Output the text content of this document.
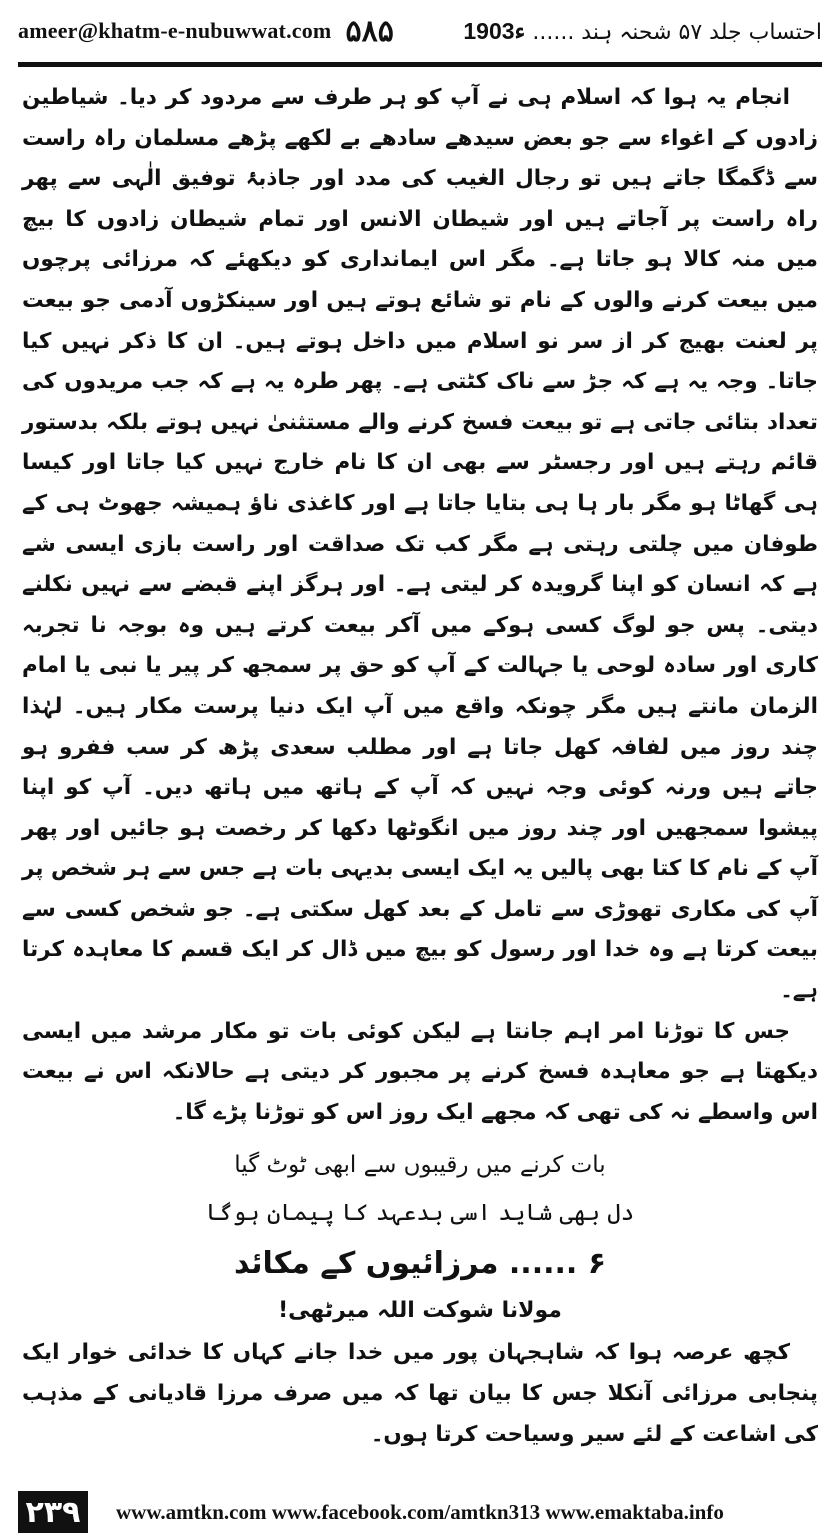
ameer@khatm-e-nubuwwat.com ۵۸۵	احتساب جلد ۵۷ شحنہ ہند ...... 1903ء

انجام یہ ہوا کہ اسلام ہی نے آپ کو ہر طرف سے مردود کر دیا۔ شیاطین زادوں کے اغواء سے جو بعض سیدھے سادھے بے لکھے پڑھے مسلمان راہ راست سے ڈگمگا جاتے ہیں تو رجال الغیب کی مدد اور جاذبۂ توفیق الٰہی سے پھر راہ راست پر آجاتے ہیں اور شیطان الانس اور تمام شیطان زادوں کا بیچ میں منہ کالا ہو جاتا ہے۔ مگر اس ایمانداری کو دیکھئے کہ مرزائی پرچوں میں بیعت کرنے والوں کے نام تو شائع ہوتے ہیں اور سینکڑوں آدمی جو بیعت پر لعنت بھیج کر از سر نو اسلام میں داخل ہوتے ہیں۔ ان کا ذکر نہیں کیا جاتا۔ وجہ یہ ہے کہ جڑ سے ناک کٹتی ہے۔ پھر طرہ یہ ہے کہ جب مریدوں کی تعداد بتائی جاتی ہے تو بیعت فسخ کرنے والے مستثنیٰ نہیں ہوتے بلکہ بدستور قائم رہتے ہیں اور رجسٹر سے بھی ان کا نام خارج نہیں کیا جاتا اور کیسا ہی گھاٹا ہو مگر بار ہا ہی بتایا جاتا ہے اور کاغذی ناؤ ہمیشہ جھوٹ ہی کے طوفان میں چلتی رہتی ہے مگر کب تک صداقت اور راست بازی ایسی شے ہے کہ انسان کو اپنا گرویدہ کر لیتی ہے۔ اور ہرگز اپنے قبضے سے نہیں نکلنے دیتی۔ پس جو لوگ کسی ہوکے میں آکر بیعت کرتے ہیں وہ بوجہ نا تجربہ کاری اور سادہ لوحی یا جہالت کے آپ کو حق پر سمجھ کر پیر یا نبی یا امام الزمان مانتے ہیں مگر چونکہ واقع میں آپ ایک دنیا پرست مکار ہیں۔ لہٰذا چند روز میں لفافہ کھل جاتا ہے اور مطلب سعدی پڑھ کر سب ففرو ہو جاتے ہیں ورنہ کوئی وجہ نہیں کہ آپ کے ہاتھ میں ہاتھ دیں۔ آپ کو اپنا پیشوا سمجھیں اور چند روز میں انگوٹھا دکھا کر رخصت ہو جائیں اور پھر آپ کے نام کا کتا بھی پالیں یہ ایک ایسی بدیہی بات ہے جس سے ہر شخص پر آپ کی مکاری تھوڑی سے تامل کے بعد کھل سکتی ہے۔ جو شخص کسی سے بیعت کرتا ہے وہ خدا اور رسول کو بیچ میں ڈال کر ایک قسم کا معاہدہ کرتا ہے۔

جس کا توڑنا امر اہم جانتا ہے لیکن کوئی بات تو مکار مرشد میں ایسی دیکھتا ہے جو معاہدہ فسخ کرنے پر مجبور کر دیتی ہے حالانکہ اس نے بیعت اس واسطے نہ کی تھی کہ مجھے ایک روز اس کو توڑنا پڑے گا۔

بات کرنے میں رقیبوں سے ابھی ٹوٹ گیا
دل بھی شاید اسی بدعہد کا پیمان ہوگا
۶ ...... مرزائیوں کے مکائد
مولانا شوکت اللہ میرٹھی!

کچھ عرصہ ہوا کہ شاہجہان پور میں خدا جانے کہاں کا خدائی خوار ایک پنجابی مرزائی آنکلا جس کا بیان تھا کہ میں صرف مرزا قادیانی کے مذہب کی اشاعت کے لئے سیر وسیاحت کرتا ہوں۔

۲۳۹	www.amtkn.com www.facebook.com/amtkn313 www.emaktaba.info
